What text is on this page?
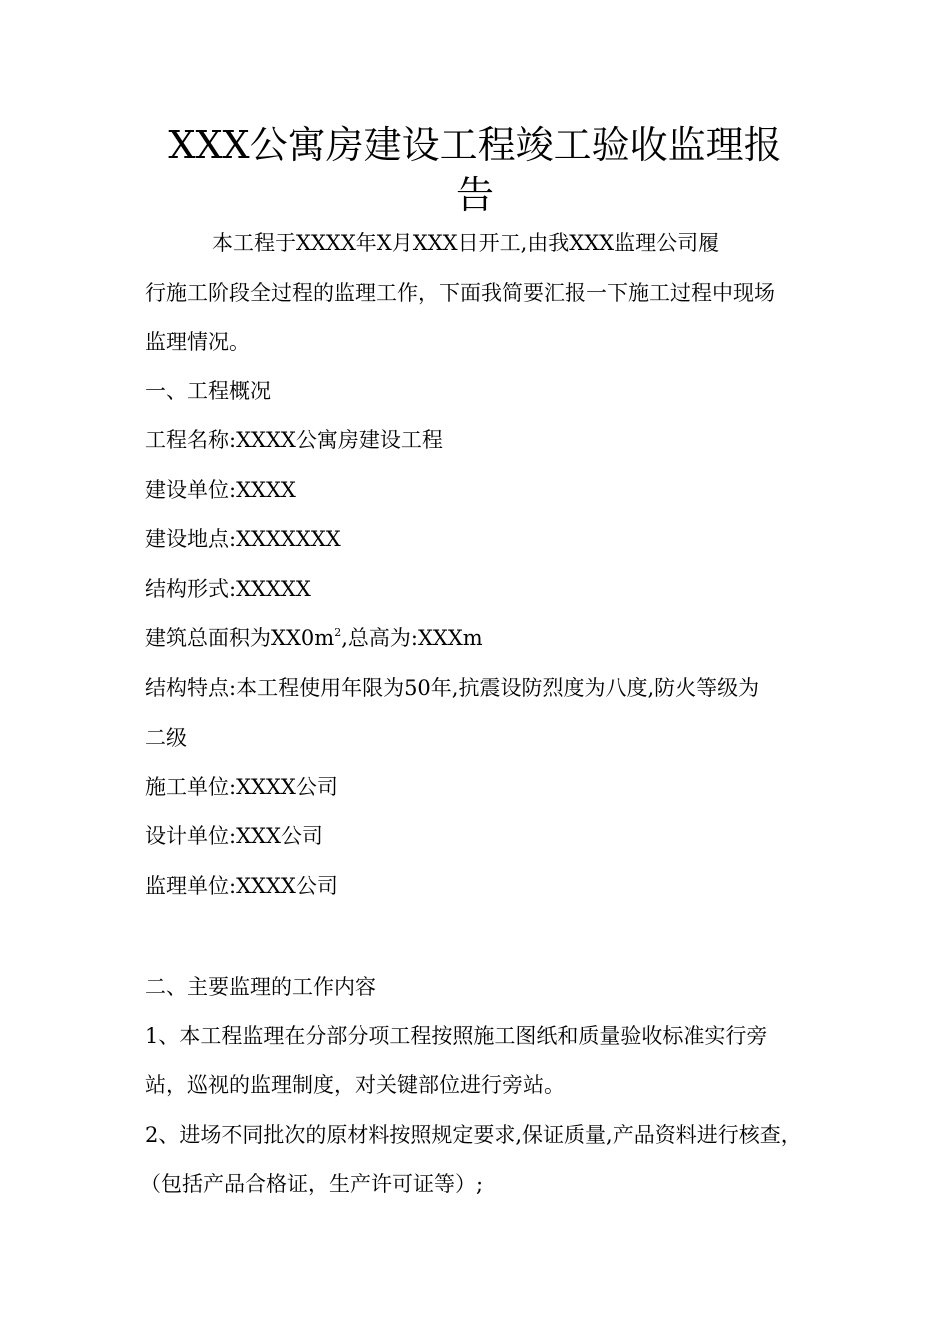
XXX公寓房建设工程竣工验收监理报
告

本工程于XXXX年X月XXX日开工,由我XXX监理公司履

行施工阶段全过程的监理工作，下面我简要汇报一下施工过程中现场

监理情况。

一、工程概况

工程名称:XXXX公寓房建设工程

建设单位:XXXX

建设地点:XXXXXXX

结构形式:XXXXX

建筑总面积为$XX0m^2$,总高为:XXXm

结构特点:本工程使用年限为50年,抗震设防烈度为八度,防火等级为

二级

施工单位:XXXX公司

设计单位:XXX公司

监理单位:XXXX公司

二、主要监理的工作内容

1、本工程监理在分部分项工程按照施工图纸和质量验收标准实行旁

站，巡视的监理制度，对关键部位进行旁站。

2、进场不同批次的原材料按照规定要求,保证质量,产品资料进行核查，

（包括产品合格证，生产许可证等）;
